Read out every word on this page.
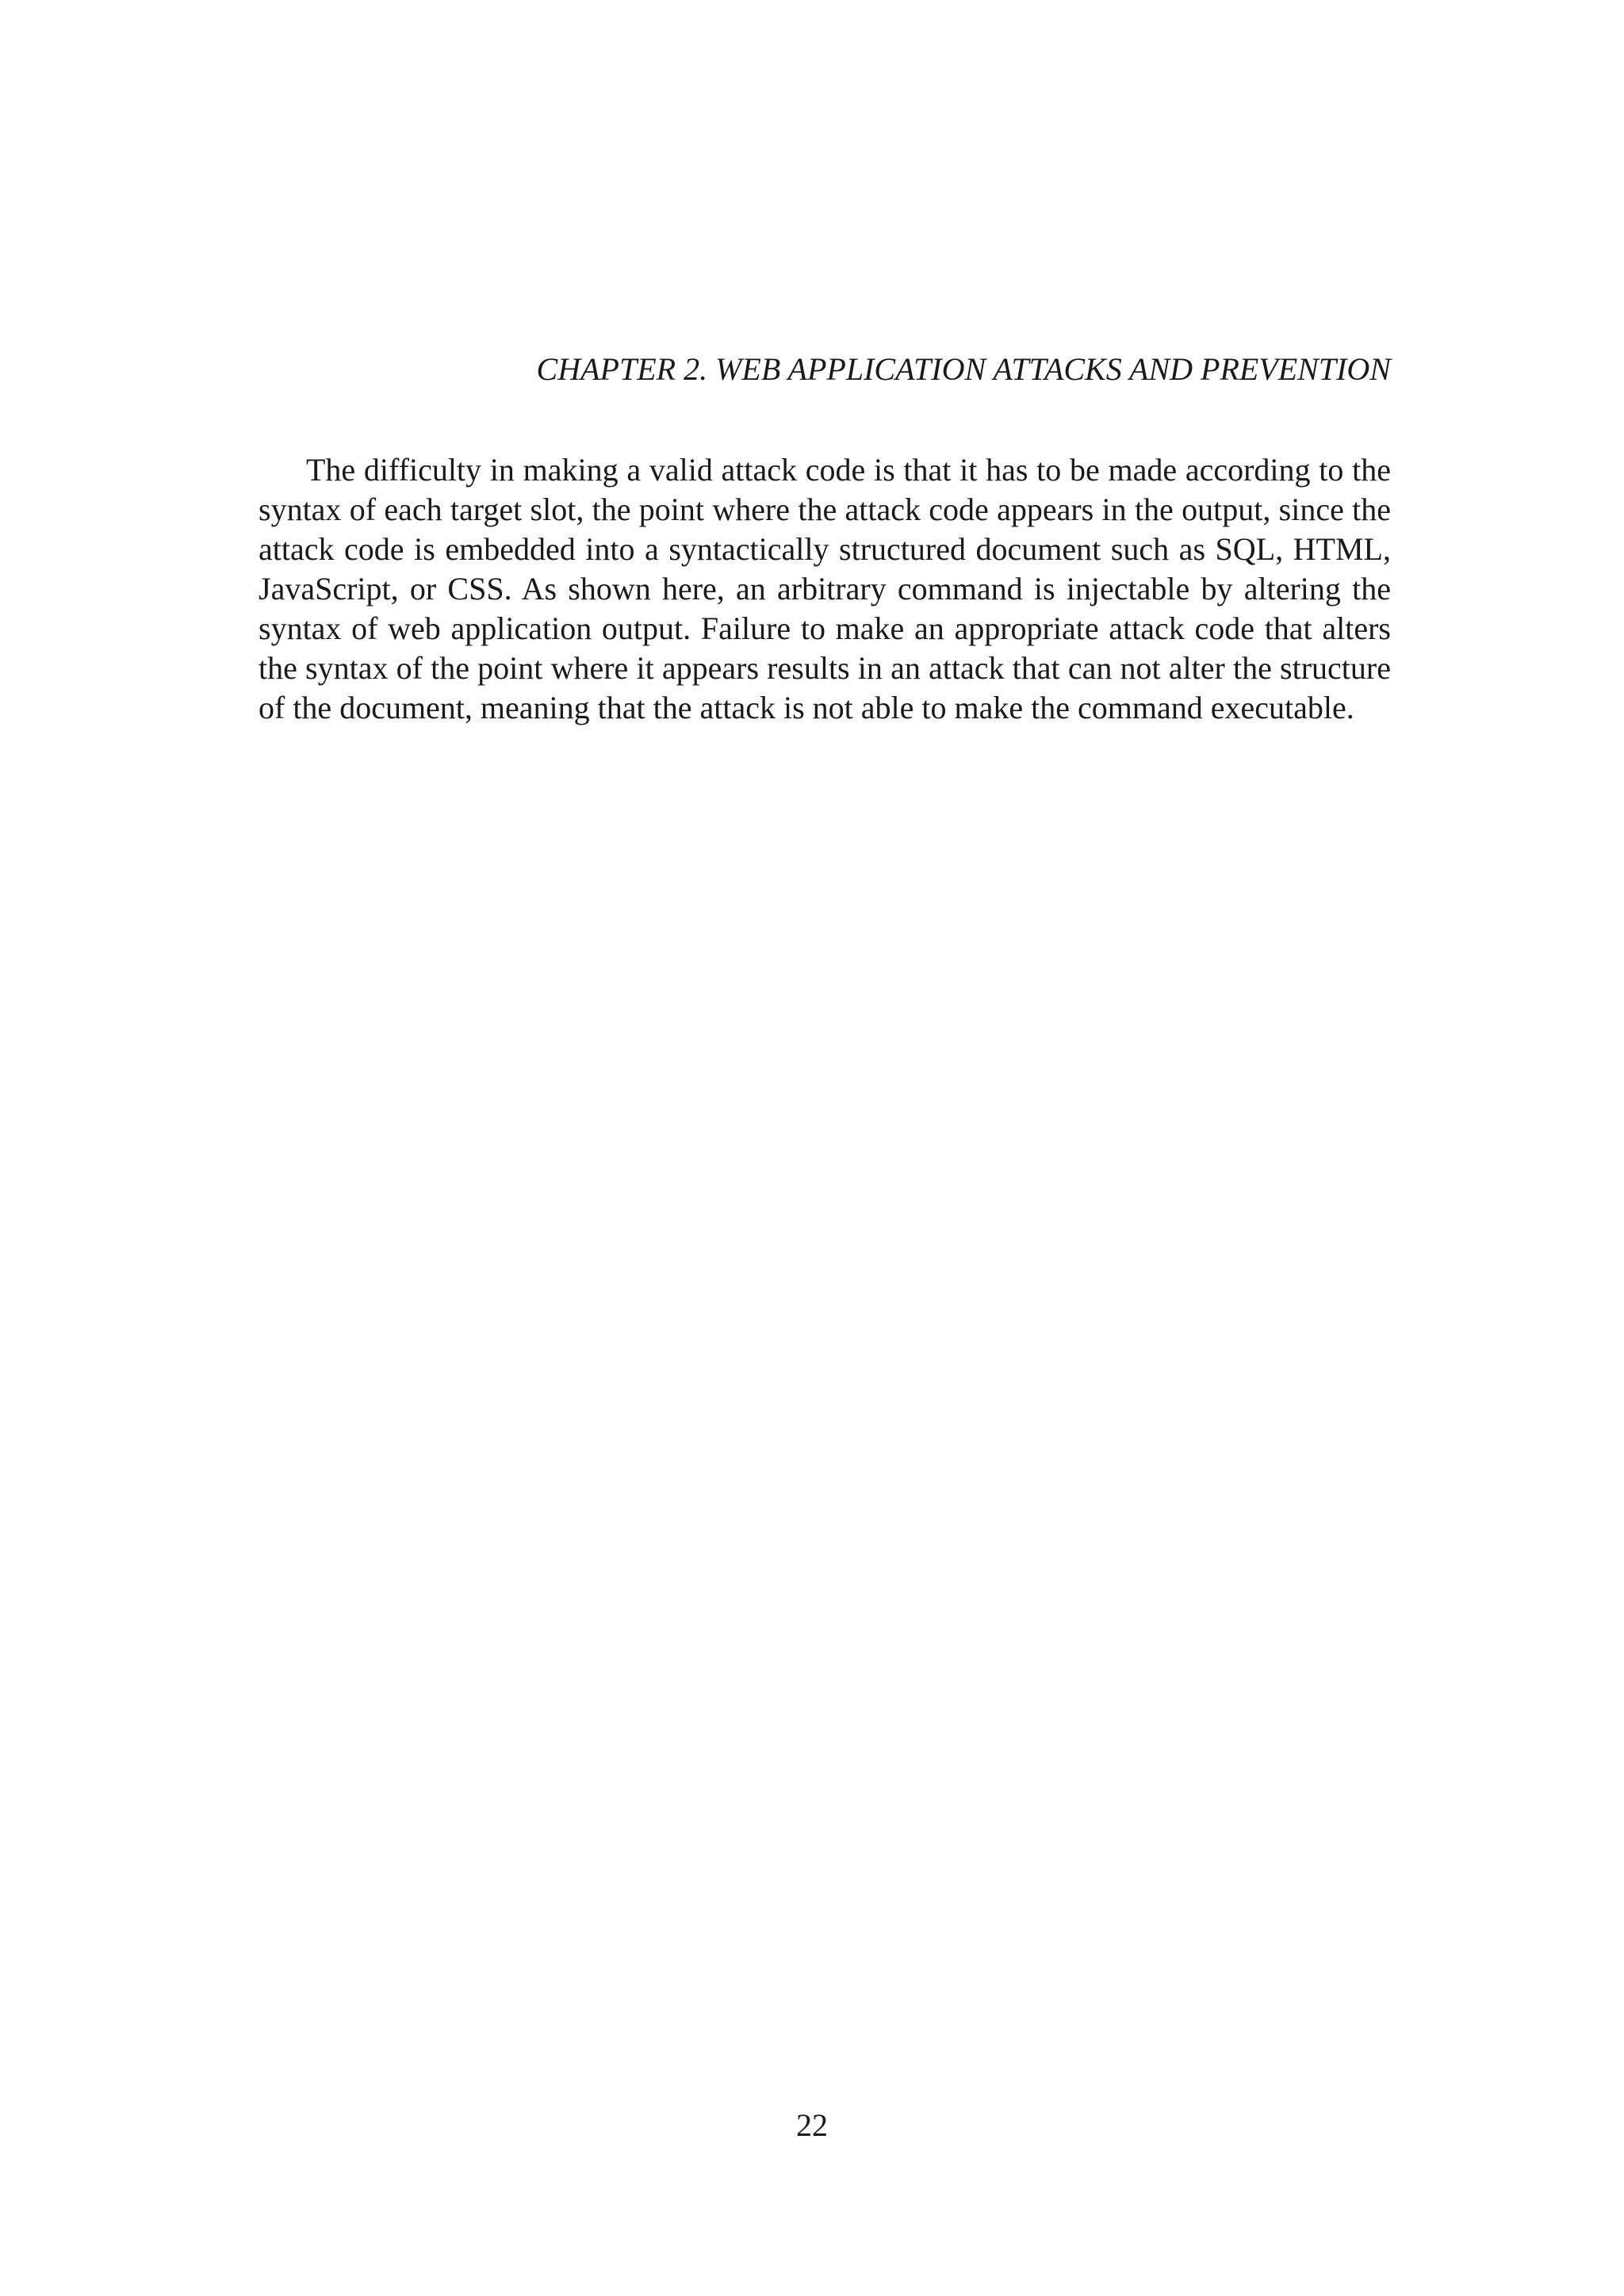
CHAPTER 2. WEB APPLICATION ATTACKS AND PREVENTION

The difficulty in making a valid attack code is that it has to be made according to the syntax of each target slot, the point where the attack code appears in the output, since the attack code is embedded into a syntactically structured document such as SQL, HTML, JavaScript, or CSS. As shown here, an arbitrary command is injectable by altering the syntax of web application output. Failure to make an appropriate attack code that alters the syntax of the point where it appears results in an attack that can not alter the structure of the document, meaning that the attack is not able to make the command executable.

22
